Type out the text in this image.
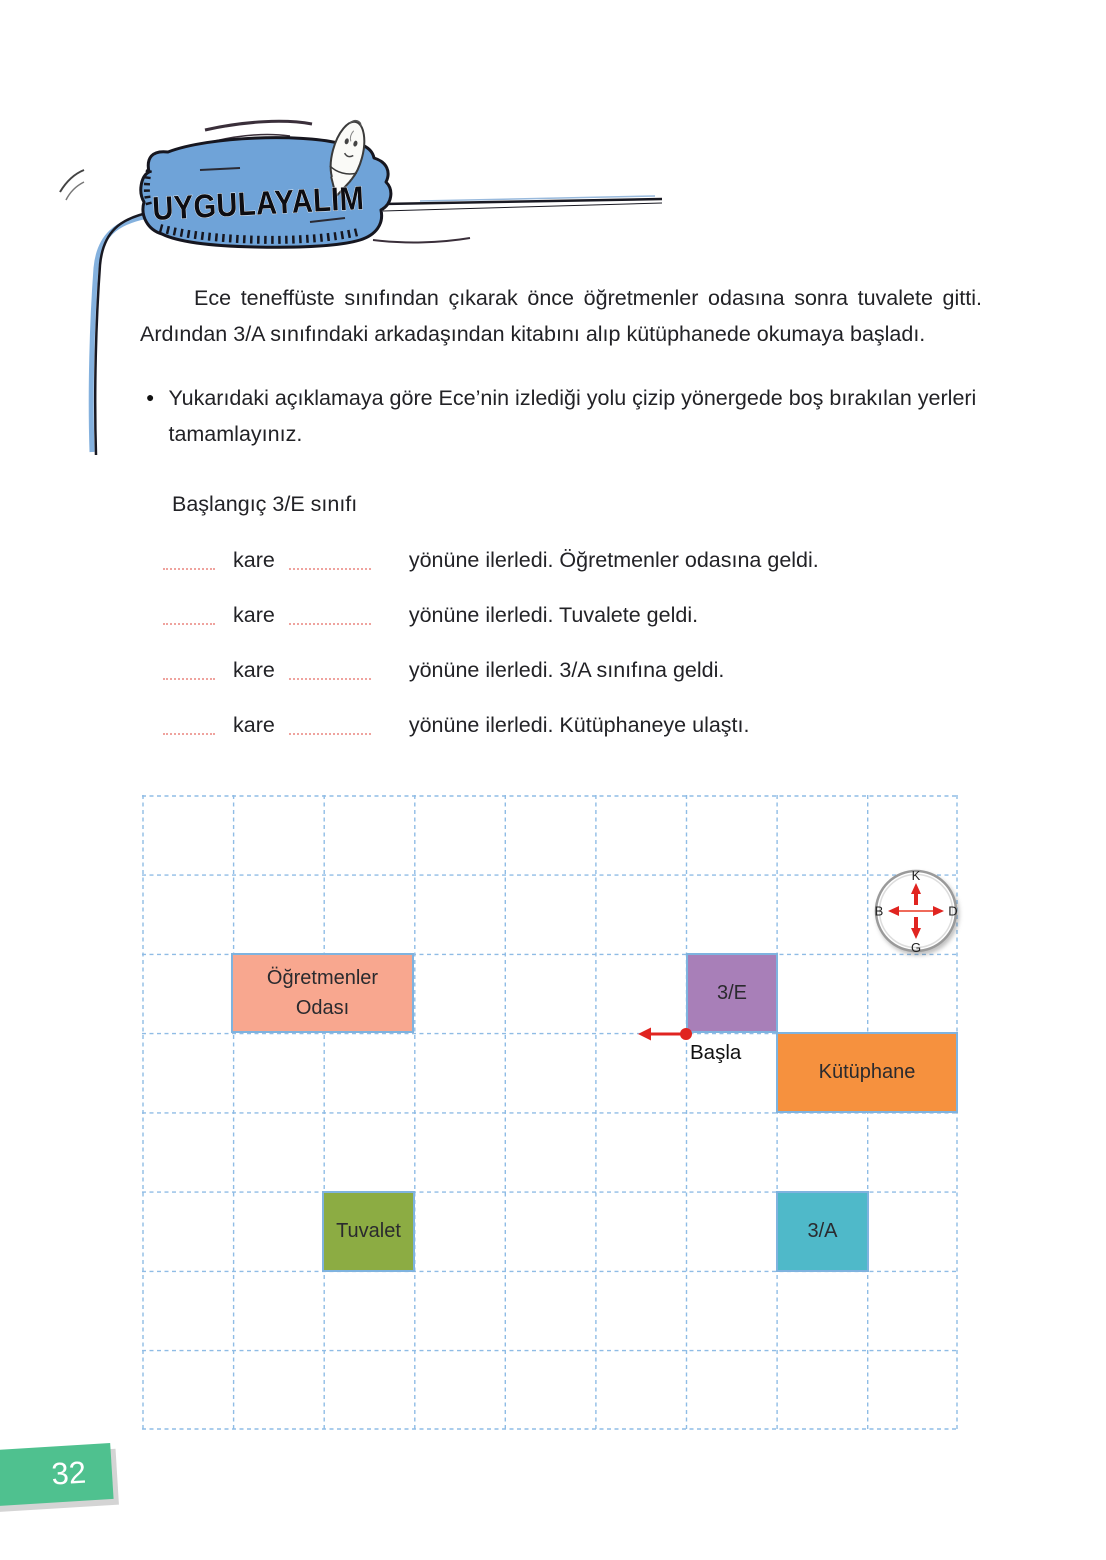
UYGULAYALIM

Ece teneffüste sınıfından çıkarak önce öğretmenler odasına sonra tuvalete gitti. Ardından 3/A sınıfındaki arkadaşından kitabını alıp kütüphanede okumaya başladı.

● Yukarıdaki açıklamaya göre Ece’nin izlediği yolu çizip yönergede boş bırakılan yerleri tamamlayınız.
Başlangıç 3/E sınıfı
kare	yönüne ilerledi. Öğretmenler odasına geldi.
kare	yönüne ilerledi. Tuvalete geldi.
kare	yönüne ilerledi. 3/A sınıfına geldi.
kare	yönüne ilerledi. Kütüphaneye ulaştı.
Öğretmenler Odası
3/E
Kütüphane
Tuvalet	3/A
K
D
G
B
Başla
32
